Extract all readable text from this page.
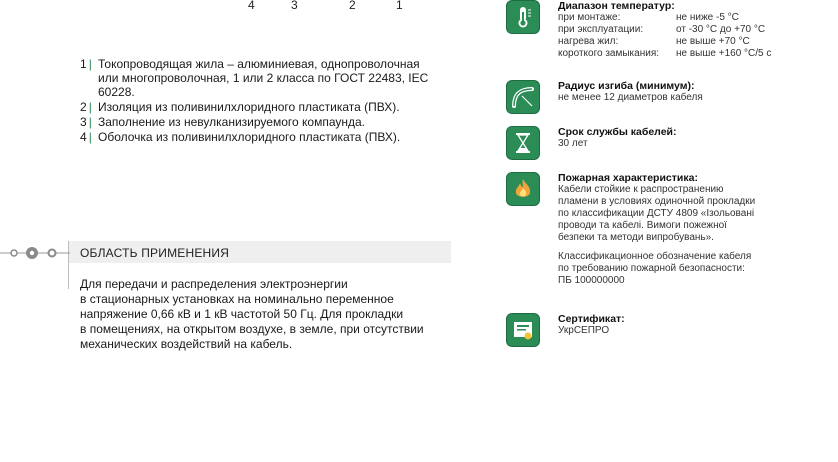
4	3	2	1
1 | Токопроводящая жила – алюминиевая, однопроволочная или многопроволочная, 1 или 2 класса по ГОСТ 22483, IEC 60228.
2 | Изоляция из поливинилхлоридного пластиката (ПВХ).
3 | Заполнение из невулканизируемого компаунда.
4 | Оболочка из поливинилхлоридного пластиката (ПВХ).
ОБЛАСТЬ ПРИМЕНЕНИЯ
Для передачи и распределения электроэнергии
в стационарных установках на номинально переменное
напряжение 0,66 кВ и 1 кВ частотой 50 Гц. Для прокладки
в помещениях, на открытом воздухе, в земле, при отсутствии
механических воздействий на кабель.
Диапазон температур:
при монтаже:	не ниже -5 °С
при эксплуатации:	от -30 °С до +70 °С
нагрева жил:	не выше +70 °С
короткого замыкания:	не выше +160 °С/5 с
Радиус изгиба (минимум):
не менее 12 диаметров кабеля
Срок службы кабелей:
30 лет
Пожарная характеристика:
Кабели стойкие к распространению
пламени в условиях одиночной прокладки
по классификации ДСТУ 4809 «Ізольовані
проводи та кабелі. Вимоги пожежної
безпеки та методи випробувань».
Классификационное обозначение кабеля
по требованию пожарной безопасности:
ПБ 100000000
Сертификат:
УкрСЕПРО
